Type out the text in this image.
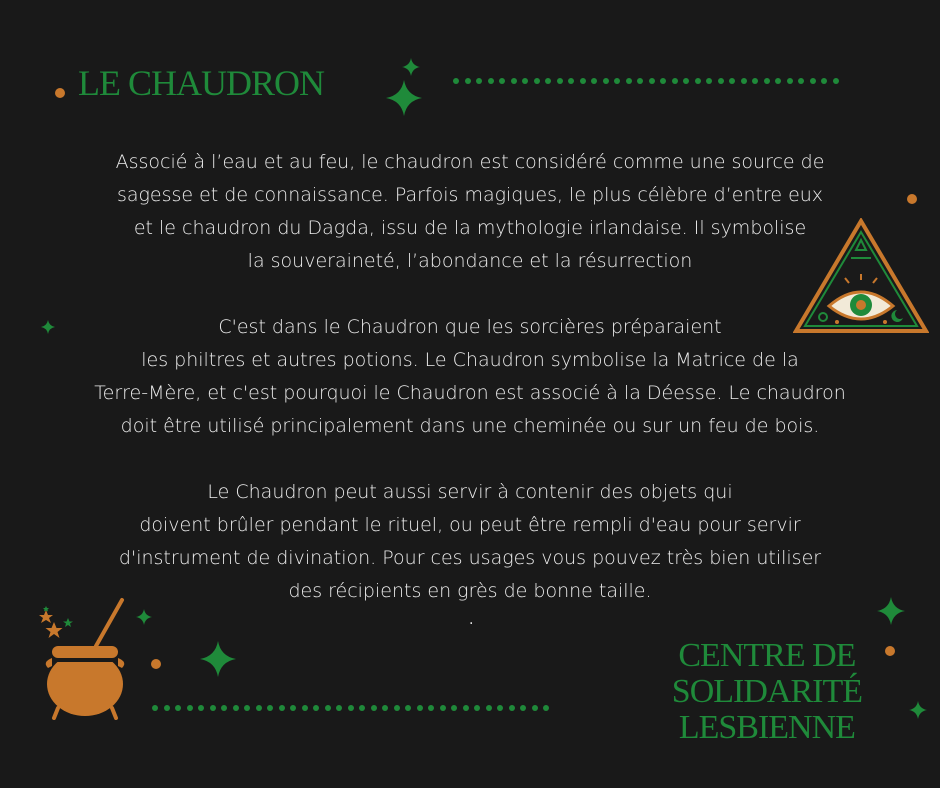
LE CHAUDRON
Associé à l’eau et au feu, le chaudron est considéré comme une source de
sagesse et de connaissance. Parfois magiques, le plus célèbre d’entre eux
et le chaudron du Dagda, issu de la mythologie irlandaise. Il symbolise
la souveraineté, l’abondance et la résurrection
C'est dans le Chaudron que les sorcières préparaient
les philtres et autres potions. Le Chaudron symbolise la Matrice de la
Terre-Mère, et c'est pourquoi le Chaudron est associé à la Déesse. Le chaudron
doit être utilisé principalement dans une cheminée ou sur un feu de bois.
Le Chaudron peut aussi servir à contenir des objets qui
doivent brûler pendant le rituel, ou peut être rempli d'eau pour servir
d'instrument de divination. Pour ces usages vous pouvez très bien utiliser
des récipients en grès de bonne taille.
.
CENTRE DE
SOLIDARITÉ
LESBIENNE
